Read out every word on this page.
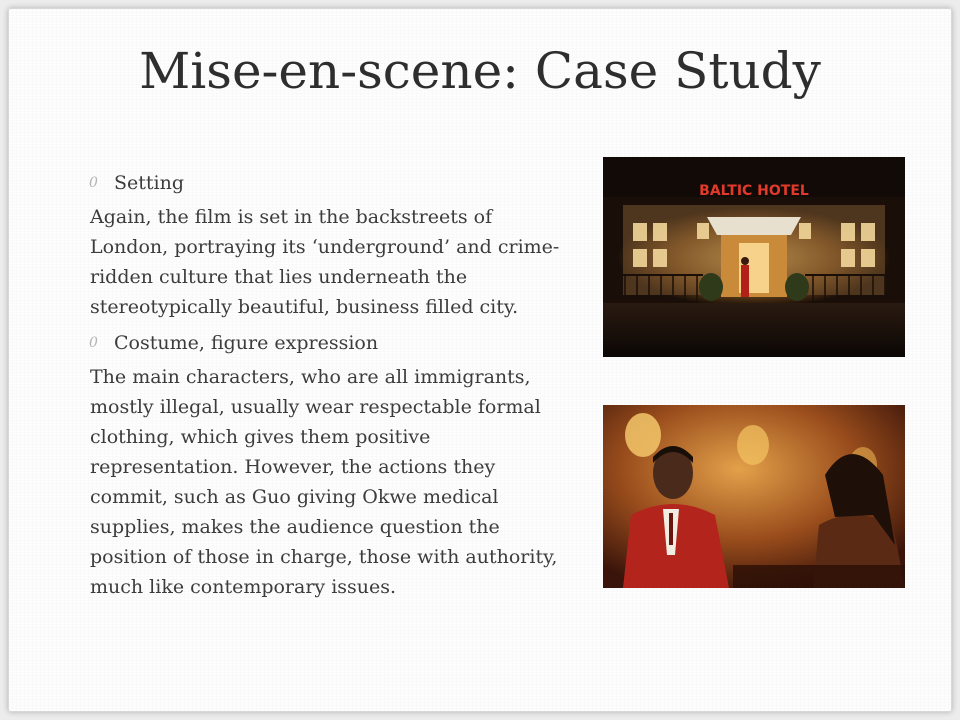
Mise-en-scene: Case Study
0 Setting

Again, the film is set in the backstreets of London, portraying its ‘underground’ and crime-ridden culture that lies underneath the stereotypically beautiful, business filled city.

0 Costume, figure expression

The main characters, who are all immigrants, mostly illegal, usually wear respectable formal clothing, which gives them positive representation. However, the actions they commit, such as Guo giving Okwe medical supplies, makes the audience question the position of those in charge, those with authority, much like contemporary issues.

BALTIC HOTEL
